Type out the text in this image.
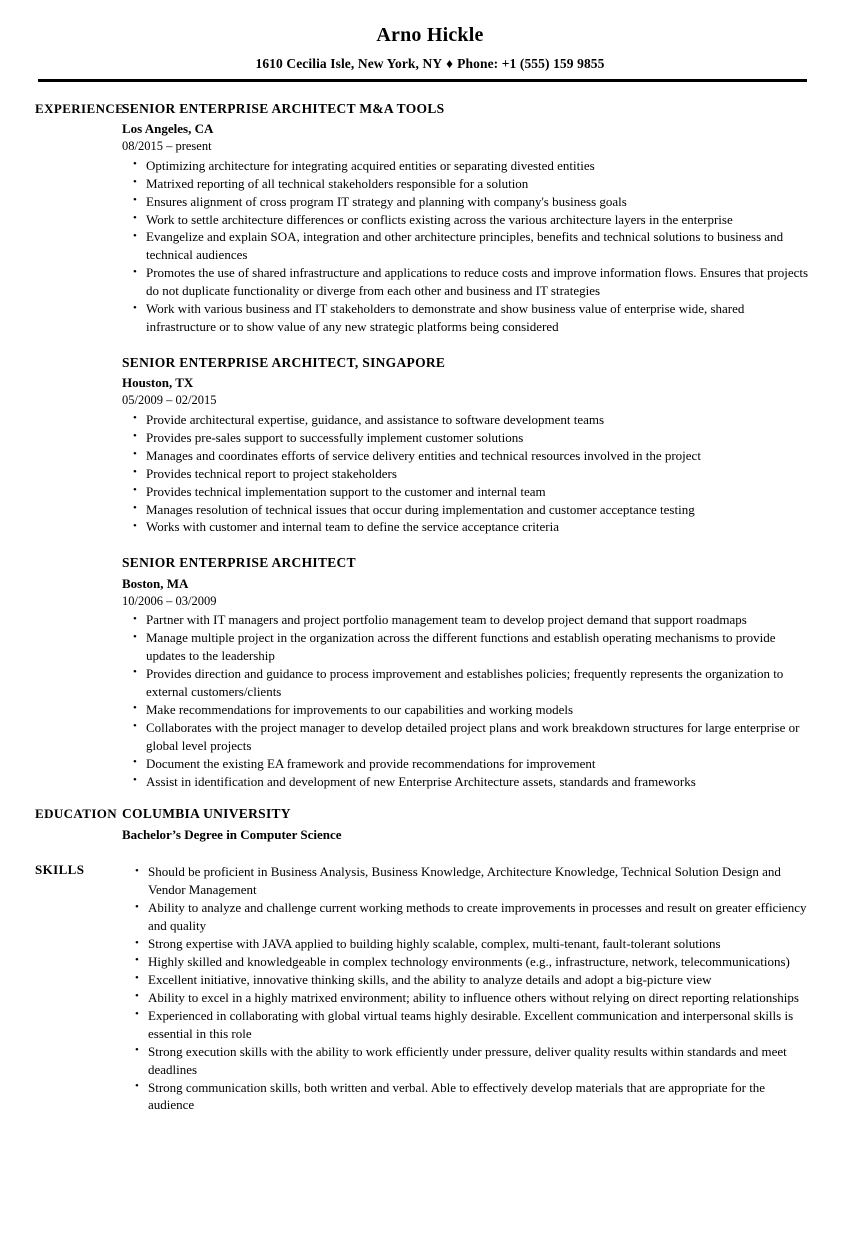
Arno Hickle
1610 Cecilia Isle, New York, NY ♦ Phone: +1 (555) 159 9855
EXPERIENCE
SENIOR ENTERPRISE ARCHITECT M&A TOOLS
Los Angeles, CA
08/2015 – present
• Optimizing architecture for integrating acquired entities or separating divested entities
• Matrixed reporting of all technical stakeholders responsible for a solution
• Ensures alignment of cross program IT strategy and planning with company's business goals
• Work to settle architecture differences or conflicts existing across the various architecture layers in the enterprise
• Evangelize and explain SOA, integration and other architecture principles, benefits and technical solutions to business and technical audiences
• Promotes the use of shared infrastructure and applications to reduce costs and improve information flows. Ensures that projects do not duplicate functionality or diverge from each other and business and IT strategies
• Work with various business and IT stakeholders to demonstrate and show business value of enterprise wide, shared infrastructure or to show value of any new strategic platforms being considered
SENIOR ENTERPRISE ARCHITECT, SINGAPORE
Houston, TX
05/2009 – 02/2015
• Provide architectural expertise, guidance, and assistance to software development teams
• Provides pre-sales support to successfully implement customer solutions
• Manages and coordinates efforts of service delivery entities and technical resources involved in the project
• Provides technical report to project stakeholders
• Provides technical implementation support to the customer and internal team
• Manages resolution of technical issues that occur during implementation and customer acceptance testing
• Works with customer and internal team to define the service acceptance criteria
SENIOR ENTERPRISE ARCHITECT
Boston, MA
10/2006 – 03/2009
• Partner with IT managers and project portfolio management team to develop project demand that support roadmaps
• Manage multiple project in the organization across the different functions and establish operating mechanisms to provide updates to the leadership
• Provides direction and guidance to process improvement and establishes policies; frequently represents the organization to external customers/clients
• Make recommendations for improvements to our capabilities and working models
• Collaborates with the project manager to develop detailed project plans and work breakdown structures for large enterprise or global level projects
• Document the existing EA framework and provide recommendations for improvement
• Assist in identification and development of new Enterprise Architecture assets, standards and frameworks
EDUCATION COLUMBIA UNIVERSITY
Bachelor’s Degree in Computer Science
SKILLS	• Should be proficient in Business Analysis, Business Knowledge, Architecture Knowledge, Technical Solution Design and Vendor Management
• Ability to analyze and challenge current working methods to create improvements in processes and result on greater efficiency and quality
• Strong expertise with JAVA applied to building highly scalable, complex, multi-tenant, fault-tolerant solutions
• Highly skilled and knowledgeable in complex technology environments (e.g., infrastructure, network, telecommunications)
• Excellent initiative, innovative thinking skills, and the ability to analyze details and adopt a big-picture view
• Ability to excel in a highly matrixed environment; ability to influence others without relying on direct reporting relationships
• Experienced in collaborating with global virtual teams highly desirable. Excellent communication and interpersonal skills is essential in this role
• Strong execution skills with the ability to work efficiently under pressure, deliver quality results within standards and meet deadlines
• Strong communication skills, both written and verbal. Able to effectively develop materials that are appropriate for the audience
